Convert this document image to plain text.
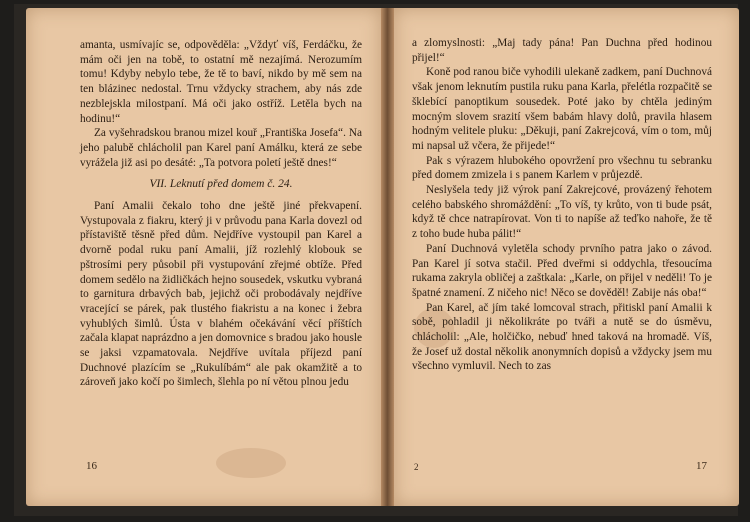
amanta, usmívajíc se, odpověděla: „Vždyť víš, Ferdáčku, že mám oči jen na tobě, to ostatní mě nezajímá. Nerozumím tomu! Kdyby nebylo tebe, že tě to baví, nikdo by mě sem na ten blázinec nedostal. Trnu vždycky strachem, aby nás zde nezblejskla milostpaní. Má oči jako ostříž. Letěla bych na hodinu!“

Za vyšehradskou branou mizel kouř „Františka Josefa“. Na jeho palubě chlácholil pan Karel paní Amálku, která ze sebe vyrážela již asi po desáté: „Ta potvora poletí ještě dnes!“

VII. Leknutí před domem č. 24.

Paní Amalii čekalo toho dne ještě jiné překvapení. Vystupovala z fiakru, který ji v průvodu pana Karla dovezl od přístaviště těsně před dům. Nejdříve vystoupil pan Karel a dvorně podal ruku paní Amalii, jíž rozlehlý klobouk se pštrosími pery působil při vystupování zřejmé obtíže. Před domem sedělo na židličkách hejno sousedek, vskutku vybraná to garnitura drbavých bab, jejichž oči probodávaly nejdříve vracející se párek, pak tlustého fiakristu a na konec i žebra vyhublých šimlů. Ústa v blahém očekávání věcí příštích začala klapat naprázdno a jen domovnice s bradou jako housle se jaksi vzpamatovala. Nejdříve uvítala příjezd paní Duchnové plazícím se „Rukulíbám“ ale pak okamžitě a to zároveň jako kočí po šimlech, šlehla po ní větou plnou jedu

16

a zlomyslnosti: „Maj tady pána! Pan Duchna před hodinou přijel!“

Koně pod ranou biče vyhodili ulekaně zadkem, paní Duchnová však jenom leknutím pustila ruku pana Karla, přelétla rozpačitě se šklebící panoptikum sousedek. Poté jako by chtěla jediným mocným slovem srazití všem babám hlavy dolů, pravila hlasem hodným velitele pluku: „Děkuji, paní Zakrejcová, vím o tom, můj mi napsal už včera, že přijede!“

Pak s výrazem hlubokého opovržení pro všechnu tu sebranku před domem zmizela i s panem Karlem v průjezdě.

Neslyšela tedy již výrok paní Zakrejcové, provázený řehotem celého babského shromáždění: „To víš, ty krůto, von ti bude psát, když tě chce natrapírovat. Von ti to napíše až teďko nahoře, že tě z toho bude huba pálit!“

Paní Duchnová vyletěla schody prvního patra jako o závod. Pan Karel jí sotva stačil. Před dveřmi si oddychla, třesoucíma rukama zakryla obličej a zaštkala: „Karle, on přijel v neděli! To je špatné znamení. Z ničeho nic! Něco se dověděl! Zabije nás oba!“

Pan Karel, ač jím také lomcoval strach, přitiskl paní Amalii k sobě, pohladil ji několikráte po tváři a nutě se do úsměvu, chlácholil: „Ale, holčičko, nebuď hned taková na hromadě. Víš, že Josef už dostal několik anonymních dopisů a vždycky jsem mu všechno vymluvil. Nech to zas

2	17
